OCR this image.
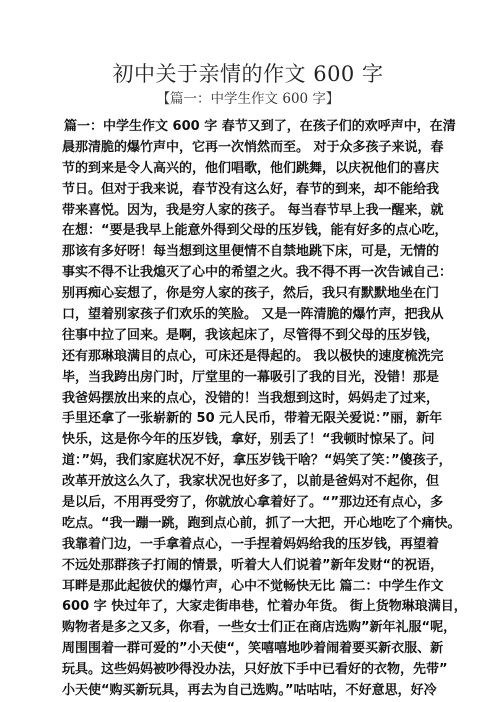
初中关于亲情的作文 600 字
【篇一：中学生作文 600 字】
篇一：中学生作文 600 字 春节又到了，在孩子们的欢呼声中，在清
晨那清脆的爆竹声中，它再一次悄然而至。 对于众多孩子来说，春
节的到来是令人高兴的，他们唱歌，他们跳舞，以庆祝他们的喜庆
节日。但对于我来说，春节没有这么好，春节的到来，却不能给我
带来喜悦。因为，我是穷人家的孩子。 每当春节早上我一醒来，就
在想：“要是我早上能意外得到父母的压岁钱，能有好多的点心吃，
那该有多好呀！每当想到这里便情不自禁地跳下床，可是，无情的
事实不得不让我熄灭了心中的希望之火。我不得不再一次告诫自己：
别再痴心妄想了，你是穷人家的孩子，然后，我只有默默地坐在门
口，望着别家孩子们欢乐的笑脸。 又是一阵清脆的爆竹声，把我从
往事中拉了回来。是啊，我该起床了，尽管得不到父母的压岁钱，
还有那琳琅满目的点心，可床还是得起的。 我以极快的速度梳洗完
毕，当我跨出房门时，厅堂里的一幕吸引了我的目光，没错！那是
我爸妈摆放出来的点心，没错的！当我想到这时，妈妈走了过来，
手里还拿了一张崭新的 50 元人民币，带着无限关爱说：”丽，新年
快乐，这是你今年的压岁钱，拿好，别丢了！“我顿时惊呆了。问
道：”妈，我们家庭状况不好，拿压岁钱干啥？“妈笑了笑：”傻孩子，
改革开放这么久了，我家状况也好多了，以前是爸妈对不起你，但
是以后，不用再受穷了，你就放心拿着好了。“”那边还有点心，多
吃点。“我一蹦一跳，跑到点心前，抓了一大把，开心地吃了个痛快。
我靠着门边，一手拿着点心，一手捏着妈妈给我的压岁钱，再望着
不远处那群孩子打闹的情景，听着大人们说着”新年发财“的祝语，
耳畔是那此起彼伏的爆竹声，心中不觉畅快无比 篇二：中学生作文
600 字 快过年了，大家走街串巷，忙着办年货。 街上货物琳琅满目，
购物者是多之又多，你看，一些女士们正在商店选购”新年礼服“呢，
周围围着一群可爱的”小天使“，笑嘻嘻地吵着闹着要买新衣服、新
玩具。这些妈妈被吵得没办法，只好放下手中已看好的衣物，先带”
小天使“购买新玩具，再去为自己选购。”咕咕咕，不好意思，好冷
